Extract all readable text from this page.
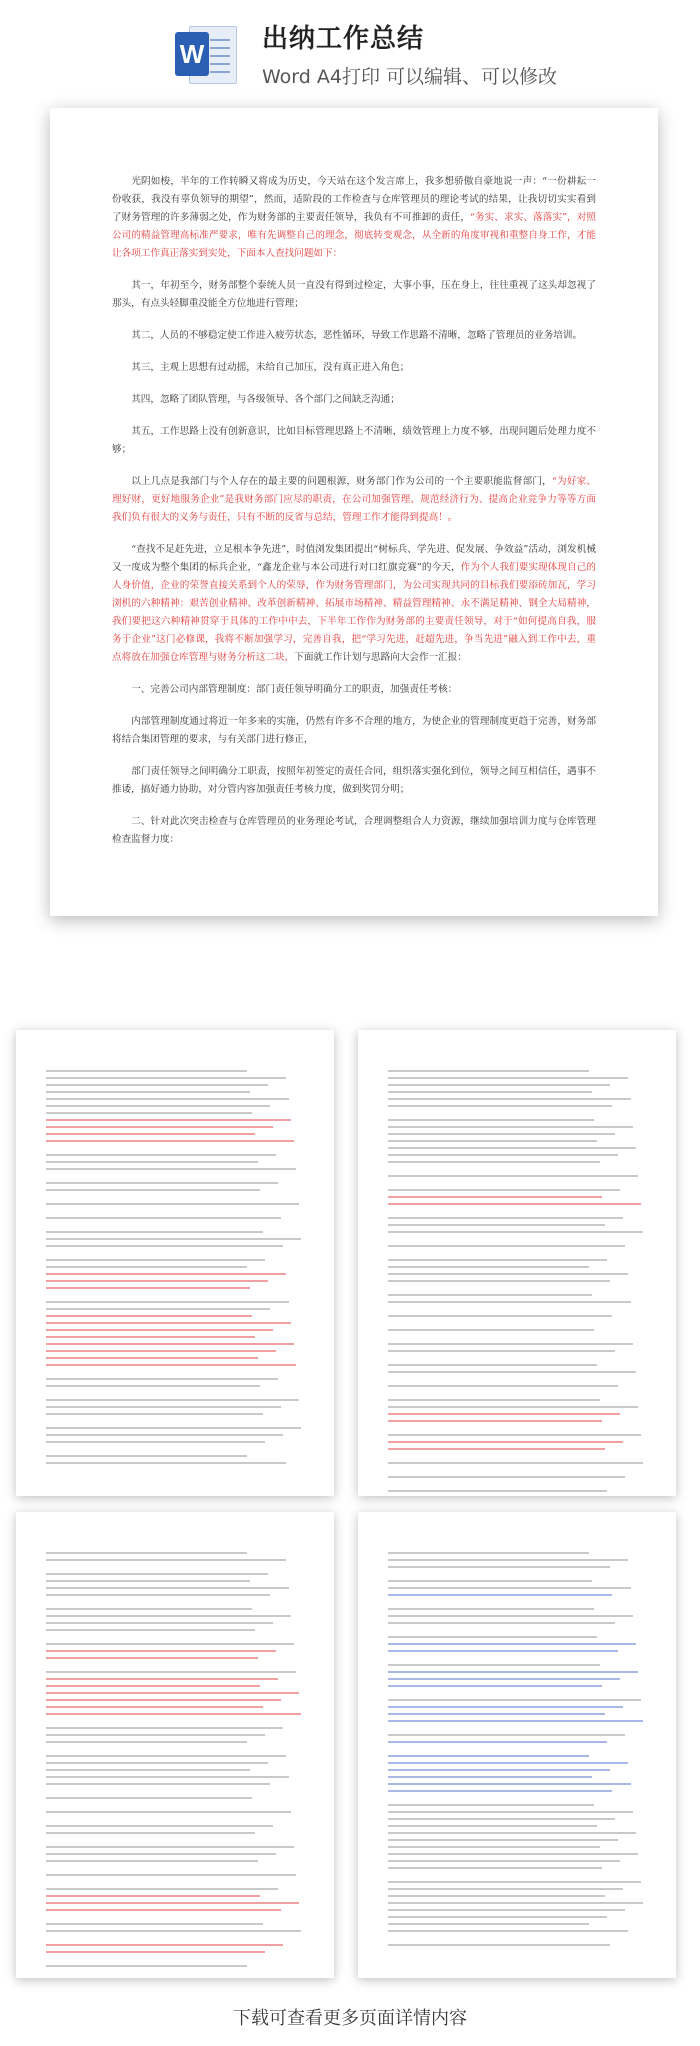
W 出纳工作总结
Word A4打印 可以编辑、可以修改

光阴如梭，半年的工作转瞬又将成为历史，今天站在这个发言席上，我多想骄傲自豪地说一声：“一份耕耘一份收获，我没有辜负领导的期望”，然而，适阶段的工作检查与仓库管理员的理论考试的结果，让我切切实实看到了财务管理的许多薄弱之处，作为财务部的主要责任领导，我负有不可推卸的责任，“务实、求实、落落实”，对照公司的精益管理高标准严要求，唯有先调整自己的理念，彻底转变观念，从全新的角度审视和重整自身工作，才能让各项工作真正落实到实处，下面本人查找问题如下：

其一，年初至今，财务部整个泰统人员一直没有得到过检定，大事小事，压在身上，往往重视了这头却忽视了那头，有点头轻脚重没能全方位地进行管理；

其二，人员的不够稳定使工作进入疲劳状态，恶性循环，导致工作思路不清晰，忽略了管理员的业务培训。

其三，主观上思想有过动摇，未给自己加压，没有真正进入角色；

其四，忽略了团队管理，与各级领导、各个部门之间缺乏沟通；

其五，工作思路上没有创新意识，比如目标管理思路上不清晰，绩效管理上力度不够，出现问题后处理力度不够；

以上几点是我部门与个人存在的最主要的问题根源，财务部门作为公司的一个主要职能监督部门，“为好家、理好财，更好地服务企业”是我财务部门应尽的职责，在公司加强管理、规范经济行为、提高企业竞争力等等方面我们负有很大的义务与责任，只有不断的反省与总结，管理工作才能得到提高！。

“查找不足赶先进，立足根本争先进”，时值浏发集团提出“树标兵、学先进、促发展、争效益”活动，浏发机械又一度成为整个集团的标兵企业，“鑫龙企业与本公司进行对口红旗竞赛”的今天，作为个人我们要实现体现自己的人身价值，企业的荣誉直接关系到个人的荣辱，作为财务管理部门，为公司实现共同的目标我们要添砖加瓦，学习浏机的六种精神：艰苦创业精神、改革创新精神、拓展市场精神、精益管理精神、永不满足精神、钢全大局精神，我们要把这六种精神贯穿于具体的工作中中去，下半年工作作为财务部的主要责任领导，对于“如何提高自我，服务于企业”这门必修课，我将不断加强学习，完善自我，把“学习先进，赶超先进，争当先进”融入到工作中去，重点将放在加强仓库管理与财务分析这二块，下面就工作计划与思路向大会作一汇报：

一、完善公司内部管理制度：部门责任领导明确分工的职责，加强责任考核：

内部管理制度通过将近一年多来的实施，仍然有许多不合理的地方，为使企业的管理制度更趋于完善，财务部将结合集团管理的要求，与有关部门进行修正，

部门责任领导之间明确分工职责，按照年初签定的责任合同，组织落实强化到位，领导之间互相信任，遇事不推诿，搞好通力协助，对分管内容加强责任考核力度，做到奖罚分明；

二、针对此次突击检查与仓库管理员的业务理论考试，合理调整组合人力资源，继续加强培训力度与仓库管理检查监督力度：

下载可查看更多页面详情内容
